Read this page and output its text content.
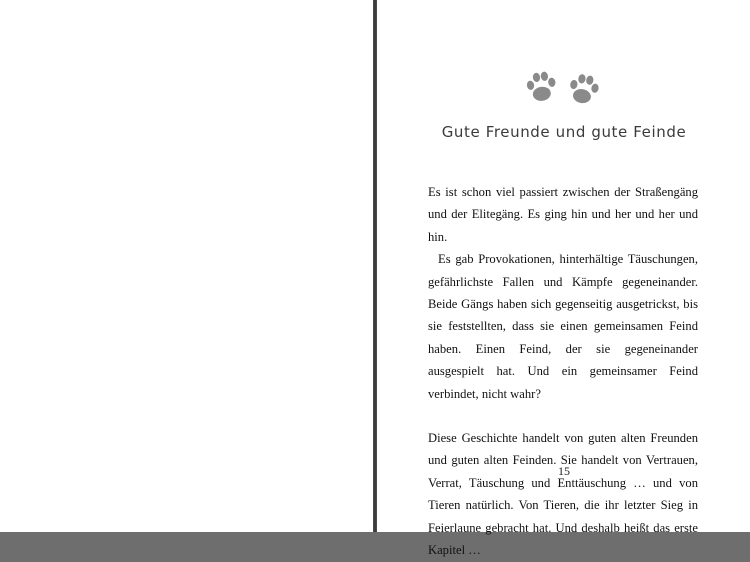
Gute Freunde und gute Feinde

Es ist schon viel passiert zwischen der Straßengäng und der Elitegäng. Es ging hin und her und her und hin.

Es gab Provokationen, hinterhältige Täuschungen, gefährlichste Fallen und Kämpfe gegeneinander. Beide Gängs haben sich gegenseitig ausgetrickst, bis sie feststellten, dass sie einen gemeinsamen Feind haben. Einen Feind, der sie gegeneinander ausgespielt hat. Und ein gemeinsamer Feind verbindet, nicht wahr?

Diese Geschichte handelt von guten alten Freunden und guten alten Feinden. Sie handelt von Vertrauen, Verrat, Täuschung und Enttäuschung … und von Tieren natürlich. Von Tieren, die ihr letzter Sieg in Feierlaune gebracht hat. Und deshalb heißt das erste Kapitel …

15
